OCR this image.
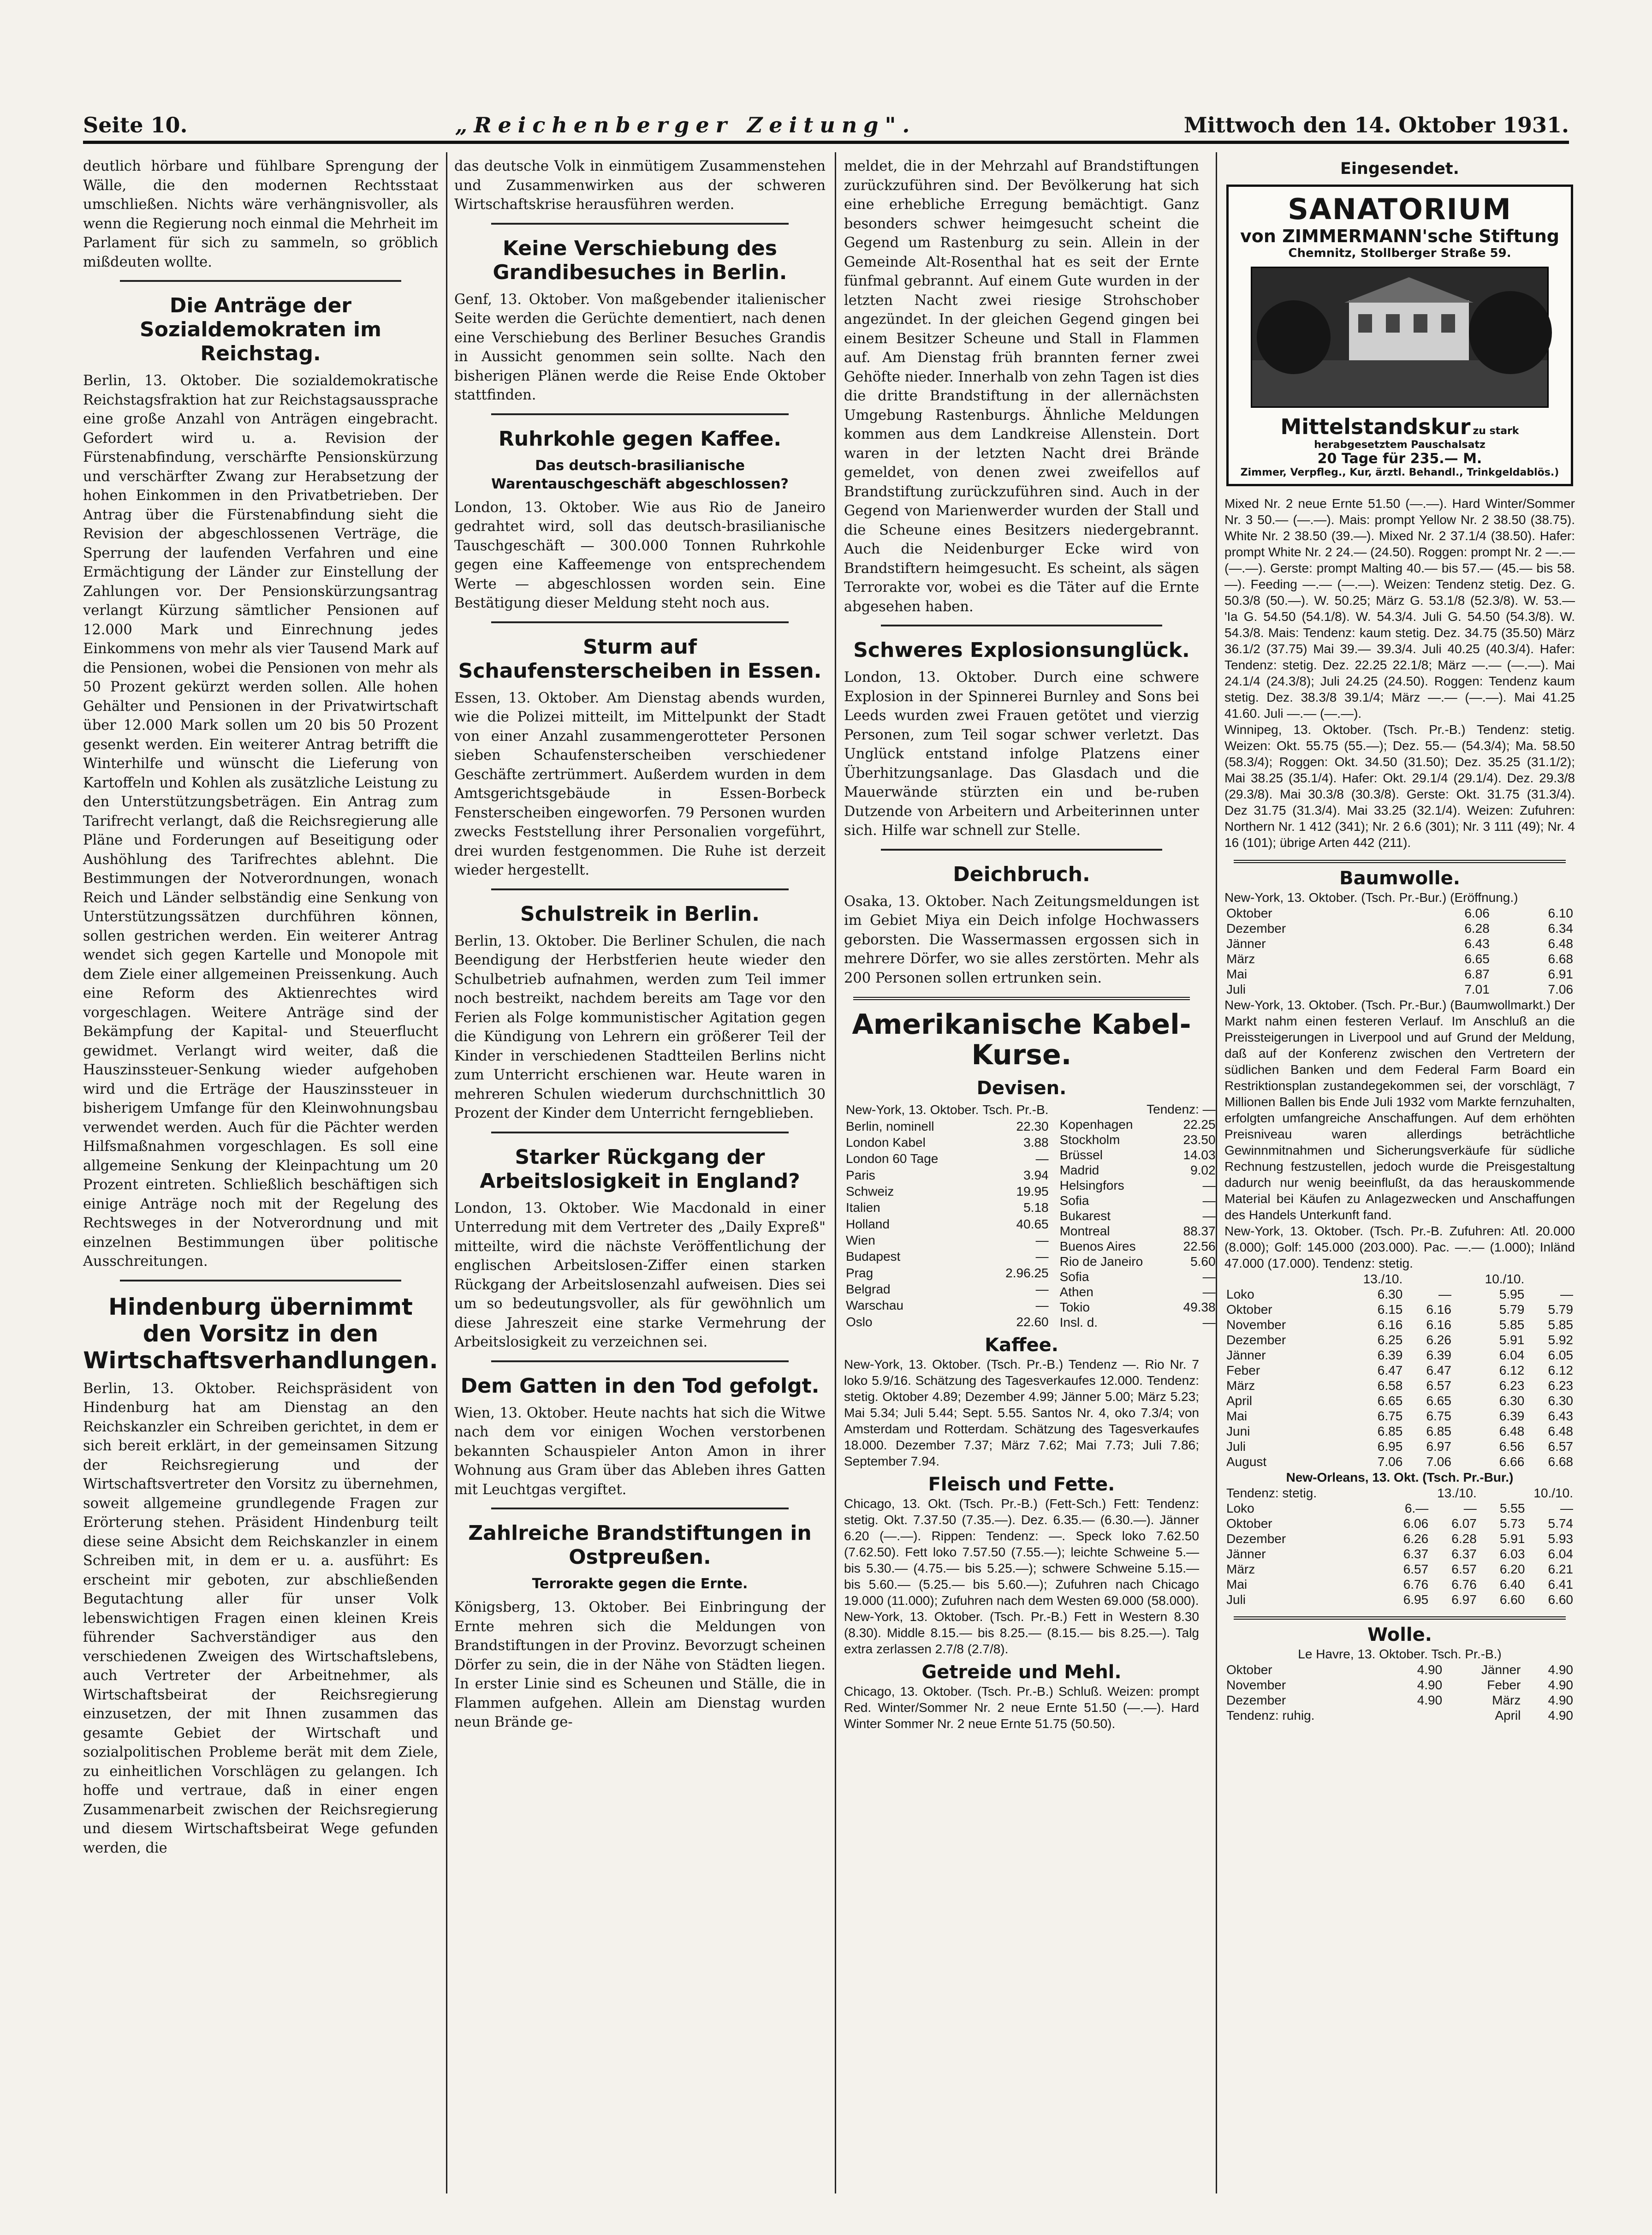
Seite 10.	„Reichenberger Zeitung".	Mittwoch den 14. Oktober 1931.

deutlich hörbare und fühlbare Sprengung der Wälle, die den modernen Rechtsstaat umschließen. Nichts wäre verhängnisvoller, als wenn die Regierung noch einmal die Mehrheit im Parlament für sich zu sammeln, so gröblich mißdeuten wollte.

Die Anträge der Sozialdemokraten im Reichstag.

Berlin, 13. Oktober. Die sozialdemokratische Reichstagsfraktion hat zur Reichstagsaussprache eine große Anzahl von Anträgen eingebracht. Gefordert wird u. a. Revision der Fürstenabfindung, verschärfte Pensionskürzung und verschärfter Zwang zur Herabsetzung der hohen Einkommen in den Privatbetrieben. Der Antrag über die Fürstenabfindung sieht die Revision der abgeschlossenen Verträge, die Sperrung der laufenden Verfahren und eine Ermächtigung der Länder zur Einstellung der Zahlungen vor. Der Pensionskürzungsantrag verlangt Kürzung sämtlicher Pensionen auf 12.000 Mark und Einrechnung jedes Einkommens von mehr als vier Tausend Mark auf die Pensionen, wobei die Pensionen von mehr als 50 Prozent gekürzt werden sollen. Alle hohen Gehälter und Pensionen in der Privatwirtschaft über 12.000 Mark sollen um 20 bis 50 Prozent gesenkt werden. Ein weiterer Antrag betrifft die Winterhilfe und wünscht die Lieferung von Kartoffeln und Kohlen als zusätzliche Leistung zu den Unterstützungsbeträgen. Ein Antrag zum Tarifrecht verlangt, daß die Reichsregierung alle Pläne und Forderungen auf Beseitigung oder Aushöhlung des Tarifrechtes ablehnt. Die Bestimmungen der Notverordnungen, wonach Reich und Länder selbständig eine Senkung von Unterstützungssätzen durchführen können, sollen gestrichen werden. Ein weiterer Antrag wendet sich gegen Kartelle und Monopole mit dem Ziele einer allgemeinen Preissenkung. Auch eine Reform des Aktienrechtes wird vorgeschlagen. Weitere Anträge sind der Bekämpfung der Kapital- und Steuerflucht gewidmet. Verlangt wird weiter, daß die Hauszinssteuer-Senkung wieder aufgehoben wird und die Erträge der Hauszinssteuer in bisherigem Umfange für den Kleinwohnungsbau verwendet werden. Auch für die Pächter werden Hilfsmaßnahmen vorgeschlagen. Es soll eine allgemeine Senkung der Kleinpachtung um 20 Prozent eintreten. Schließlich beschäftigen sich einige Anträge noch mit der Regelung des Rechtsweges in der Notverordnung und mit einzelnen Bestimmungen über politische Ausschreitungen.

Hindenburg übernimmt den Vorsitz in den Wirtschaftsverhandlungen.

Berlin, 13. Oktober. Reichspräsident von Hindenburg hat am Dienstag an den Reichskanzler ein Schreiben gerichtet, in dem er sich bereit erklärt, in der gemeinsamen Sitzung der Reichsregierung und der Wirtschaftsvertreter den Vorsitz zu übernehmen, soweit allgemeine grundlegende Fragen zur Erörterung stehen. Präsident Hindenburg teilt diese seine Absicht dem Reichskanzler in einem Schreiben mit, in dem er u. a. ausführt: Es erscheint mir geboten, zur abschließenden Begutachtung aller für unser Volk lebenswichtigen Fragen einen kleinen Kreis führender Sachverständiger aus den verschiedenen Zweigen des Wirtschaftslebens, auch Vertreter der Arbeitnehmer, als Wirtschaftsbeirat der Reichsregierung einzusetzen, der mit Ihnen zusammen das gesamte Gebiet der Wirtschaft und sozialpolitischen Probleme berät mit dem Ziele, zu einheitlichen Vorschlägen zu gelangen. Ich hoffe und vertraue, daß in einer engen Zusammenarbeit zwischen der Reichsregierung und diesem Wirtschaftsbeirat Wege gefunden werden, die

das deutsche Volk in einmütigem Zusammenstehen und Zusammenwirken aus der schweren Wirtschaftskrise herausführen werden.

Keine Verschiebung des Grandibesuches in Berlin.

Genf, 13. Oktober. Von maßgebender italienischer Seite werden die Gerüchte dementiert, nach denen eine Verschiebung des Berliner Besuches Grandis in Aussicht genommen sein sollte. Nach den bisherigen Plänen werde die Reise Ende Oktober stattfinden.

Ruhrkohle gegen Kaffee.
Das deutsch-brasilianische Warentauschgeschäft abgeschlossen?

London, 13. Oktober. Wie aus Rio de Janeiro gedrahtet wird, soll das deutsch-brasilianische Tauschgeschäft — 300.000 Tonnen Ruhrkohle gegen eine Kaffeemenge von entsprechendem Werte — abgeschlossen worden sein. Eine Bestätigung dieser Meldung steht noch aus.

Sturm auf Schaufensterscheiben in Essen.

Essen, 13. Oktober. Am Dienstag abends wurden, wie die Polizei mitteilt, im Mittelpunkt der Stadt von einer Anzahl zusammengerotteter Personen sieben Schaufensterscheiben verschiedener Geschäfte zertrümmert. Außerdem wurden in dem Amtsgerichtsgebäude in Essen-Borbeck Fensterscheiben eingeworfen. 79 Personen wurden zwecks Feststellung ihrer Personalien vorgeführt, drei wurden festgenommen. Die Ruhe ist derzeit wieder hergestellt.

Schulstreik in Berlin.

Berlin, 13. Oktober. Die Berliner Schulen, die nach Beendigung der Herbstferien heute wieder den Schulbetrieb aufnahmen, werden zum Teil immer noch bestreikt, nachdem bereits am Tage vor den Ferien als Folge kommunistischer Agitation gegen die Kündigung von Lehrern ein größerer Teil der Kinder in verschiedenen Stadtteilen Berlins nicht zum Unterricht erschienen war. Heute waren in mehreren Schulen wiederum durchschnittlich 30 Prozent der Kinder dem Unterricht ferngeblieben.

Starker Rückgang der Arbeitslosigkeit in England?

London, 13. Oktober. Wie Macdonald in einer Unterredung mit dem Vertreter des „Daily Expreß" mitteilte, wird die nächste Veröffentlichung der englischen Arbeitslosen-Ziffer einen starken Rückgang der Arbeitslosenzahl aufweisen. Dies sei um so bedeutungsvoller, als für gewöhnlich um diese Jahreszeit eine starke Vermehrung der Arbeitslosigkeit zu verzeichnen sei.

Dem Gatten in den Tod gefolgt.

Wien, 13. Oktober. Heute nachts hat sich die Witwe nach dem vor einigen Wochen verstorbenen bekannten Schauspieler Anton Amon in ihrer Wohnung aus Gram über das Ableben ihres Gatten mit Leuchtgas vergiftet.

Zahlreiche Brandstiftungen in Ostpreußen.
Terrorakte gegen die Ernte.

Königsberg, 13. Oktober. Bei Einbringung der Ernte mehren sich die Meldungen von Brandstiftungen in der Provinz. Bevorzugt scheinen Dörfer zu sein, die in der Nähe von Städten liegen. In erster Linie sind es Scheunen und Ställe, die in Flammen aufgehen. Allein am Dienstag wurden neun Brände ge-

meldet, die in der Mehrzahl auf Brandstiftungen zurückzuführen sind. Der Bevölkerung hat sich eine erhebliche Erregung bemächtigt. Ganz besonders schwer heimgesucht scheint die Gegend um Rastenburg zu sein. Allein in der Gemeinde Alt-Rosenthal hat es seit der Ernte fünfmal gebrannt. Auf einem Gute wurden in der letzten Nacht zwei riesige Strohschober angezündet. In der gleichen Gegend gingen bei einem Besitzer Scheune und Stall in Flammen auf. Am Dienstag früh brannten ferner zwei Gehöfte nieder. Innerhalb von zehn Tagen ist dies die dritte Brandstiftung in der allernächsten Umgebung Rastenburgs. Ähnliche Meldungen kommen aus dem Landkreise Allenstein. Dort waren in der letzten Nacht drei Brände gemeldet, von denen zwei zweifellos auf Brandstiftung zurückzuführen sind. Auch in der Gegend von Marienwerder wurden der Stall und die Scheune eines Besitzers niedergebrannt. Auch die Neidenburger Ecke wird von Brandstiftern heimgesucht. Es scheint, als sägen Terrorakte vor, wobei es die Täter auf die Ernte abgesehen haben.

Schweres Explosionsunglück.

London, 13. Oktober. Durch eine schwere Explosion in der Spinnerei Burnley and Sons bei Leeds wurden zwei Frauen getötet und vierzig Personen, zum Teil sogar schwer verletzt. Das Unglück entstand infolge Platzens einer Überhitzungsanlage. Das Glasdach und die Mauerwände stürzten ein und be-ruben Dutzende von Arbeitern und Arbeiterinnen unter sich. Hilfe war schnell zur Stelle.

Deichbruch.

Osaka, 13. Oktober. Nach Zeitungsmeldungen ist im Gebiet Miya ein Deich infolge Hochwassers geborsten. Die Wassermassen ergossen sich in mehrere Dörfer, wo sie alles zerstörten. Mehr als 200 Personen sollen ertrunken sein.

Amerikanische Kabel-Kurse.
Devisen.
New-York, 13. Oktober.	Tsch. Pr.-B.
Berlin, nominell	22.30
London Kabel	3.88
London 60 Tage	—
Paris	3.94
Schweiz	19.95
Italien	5.18
Holland	40.65
Wien	—
Budapest	—
Prag	2.96.25
Belgrad	—
Warschau	—
Oslo	22.60
	Tendenz: —
Kopenhagen	22.25
Stockholm	23.50
Brüssel	14.03
Madrid	9.02
Helsingfors	—
Sofia	—
Bukarest	—
Montreal	88.37
Buenos Aires	22.56
Rio de Janeiro	5.60
Sofia	—
Athen	—
Tokio	49.38
Insl. d.	—
Kaffee.

New-York, 13. Oktober. (Tsch. Pr.-B.) Tendenz —. Rio Nr. 7 loko 5.9/16. Schätzung des Tagesverkaufes 12.000. Tendenz: stetig. Oktober 4.89; Dezember 4.99; Jänner 5.00; März 5.23; Mai 5.34; Juli 5.44; Sept. 5.55. Santos Nr. 4, oko 7.3/4; von Amsterdam und Rotterdam. Schätzung des Tagesverkaufes 18.000. Dezember 7.37; März 7.62; Mai 7.73; Juli 7.86; September 7.94.

Fleisch und Fette.

Chicago, 13. Okt. (Tsch. Pr.-B.) (Fett-Sch.) Fett: Tendenz: stetig. Okt. 7.37.50 (7.35.—). Dez. 6.35.— (6.30.—). Jänner 6.20 (—.—). Rippen: Tendenz: —. Speck loko 7.62.50 (7.62.50). Fett loko 7.57.50 (7.55.—); leichte Schweine 5.— bis 5.30.— (4.75.— bis 5.25.—); schwere Schweine 5.15.— bis 5.60.— (5.25.— bis 5.60.—); Zufuhren nach Chicago 19.000 (11.000); Zufuhren nach dem Westen 69.000 (58.000).

New-York, 13. Oktober. (Tsch. Pr.-B.) Fett in Western 8.30 (8.30). Middle 8.15.— bis 8.25.— (8.15.— bis 8.25.—). Talg extra zerlassen 2.7/8 (2.7/8).

Getreide und Mehl.

Chicago, 13. Oktober. (Tsch. Pr.-B.) Schluß. Weizen: prompt Red. Winter/Sommer Nr. 2 neue Ernte 51.50 (—.—). Hard Winter Sommer Nr. 2 neue Ernte 51.75 (50.50).

Eingesendet.
SANATORIUM
von ZIMMERMANN'sche Stiftung
Chemnitz, Stollberger Straße 59.
Mittelstandskur zu stark herabgesetztem Pauschalsatz
20 Tage für 235.— M.
Zimmer, Verpfleg., Kur, ärztl. Behandl., Trinkgeldablös.)

Mixed Nr. 2 neue Ernte 51.50 (—.—). Hard Winter/Sommer Nr. 3 50.— (—.—). Mais: prompt Yellow Nr. 2 38.50 (38.75). White Nr. 2 38.50 (39.—). Mixed Nr. 2 37.1/4 (38.50). Hafer: prompt White Nr. 2 24.— (24.50). Roggen: prompt Nr. 2 —.— (—.—). Gerste: prompt Malting 40.— bis 57.— (45.— bis 58.—). Feeding —.— (—.—). Weizen: Tendenz stetig. Dez. G. 50.3/8 (50.—). W. 50.25; März G. 53.1/8 (52.3/8). W. 53.— 'Ia G. 54.50 (54.1/8). W. 54.3/4. Juli G. 54.50 (54.3/8). W. 54.3/8. Mais: Tendenz: kaum stetig. Dez. 34.75 (35.50) März 36.1/2 (37.75) Mai 39.— 39.3/4. Juli 40.25 (40.3/4). Hafer: Tendenz: stetig. Dez. 22.25 22.1/8; März —.— (—.—). Mai 24.1/4 (24.3/8); Juli 24.25 (24.50). Roggen: Tendenz kaum stetig. Dez. 38.3/8 39.1/4; März —.— (—.—). Mai 41.25 41.60. Juli —.— (—.—).

Winnipeg, 13. Oktober. (Tsch. Pr.-B.) Tendenz: stetig. Weizen: Okt. 55.75 (55.—); Dez. 55.— (54.3/4); Ma. 58.50 (58.3/4); Roggen: Okt. 34.50 (31.50); Dez. 35.25 (31.1/2); Mai 38.25 (35.1/4). Hafer: Okt. 29.1/4 (29.1/4). Dez. 29.3/8 (29.3/8). Mai 30.3/8 (30.3/8). Gerste: Okt. 31.75 (31.3/4). Dez 31.75 (31.3/4). Mai 33.25 (32.1/4). Weizen: Zufuhren: Northern Nr. 1 412 (341); Nr. 2 6.6 (301); Nr. 3 111 (49); Nr. 4 16 (101); übrige Arten 442 (211).

Baumwolle.

New-York, 13. Oktober. (Tsch. Pr.-Bur.) (Eröffnung.)

Oktober	6.06	6.10
Dezember	6.28	6.34
Jänner	6.43	6.48
März	6.65	6.68
Mai	6.87	6.91
Juli	7.01	7.06

New-York, 13. Oktober. (Tsch. Pr.-Bur.) (Baumwollmarkt.) Der Markt nahm einen festeren Verlauf. Im Anschluß an die Preissteigerungen in Liverpool und auf Grund der Meldung, daß auf der Konferenz zwischen den Vertretern der südlichen Banken und dem Federal Farm Board ein Restriktionsplan zustandegekommen sei, der vorschlägt, 7 Millionen Ballen bis Ende Juli 1932 vom Markte fernzuhalten, erfolgten umfangreiche Anschaffungen. Auf dem erhöhten Preisniveau waren allerdings beträchtliche Gewinnmitnahmen und Sicherungsverkäufe für südliche Rechnung festzustellen, jedoch wurde die Preisgestaltung dadurch nur wenig beeinflußt, da das herauskommende Material bei Käufen zu Anlagezwecken und Anschaffungen des Handels Unterkunft fand.

New-York, 13. Oktober. (Tsch. Pr.-B. Zufuhren: Atl. 20.000 (8.000); Golf: 145.000 (203.000). Pac. —.— (1.000); Inländ 47.000 (17.000). Tendenz: stetig.

	13./10.		10./10.	
Loko	6.30	—	5.95	—
Oktober	6.15	6.16	5.79	5.79
November	6.16	6.16	5.85	5.85
Dezember	6.25	6.26	5.91	5.92
Jänner	6.39	6.39	6.04	6.05
Feber	6.47	6.47	6.12	6.12
März	6.58	6.57	6.23	6.23
April	6.65	6.65	6.30	6.30
Mai	6.75	6.75	6.39	6.43
Juni	6.85	6.85	6.48	6.48
Juli	6.95	6.97	6.56	6.57
August	7.06	7.06	6.66	6.68

New-Orleans, 13. Okt. (Tsch. Pr.-Bur.)

Tendenz: stetig.	13./10.		10./10.	
Loko	6.—	—	5.55	—
Oktober	6.06	6.07	5.73	5.74
Dezember	6.26	6.28	5.91	5.93
Jänner	6.37	6.37	6.03	6.04
März	6.57	6.57	6.20	6.21
Mai	6.76	6.76	6.40	6.41
Juli	6.95	6.97	6.60	6.60
Wolle.

Le Havre, 13. Oktober. Tsch. Pr.-B.)

Oktober	4.90	Jänner	4.90
November	4.90	Feber	4.90
Dezember	4.90	März	4.90
Tendenz: ruhig.		April	4.90
